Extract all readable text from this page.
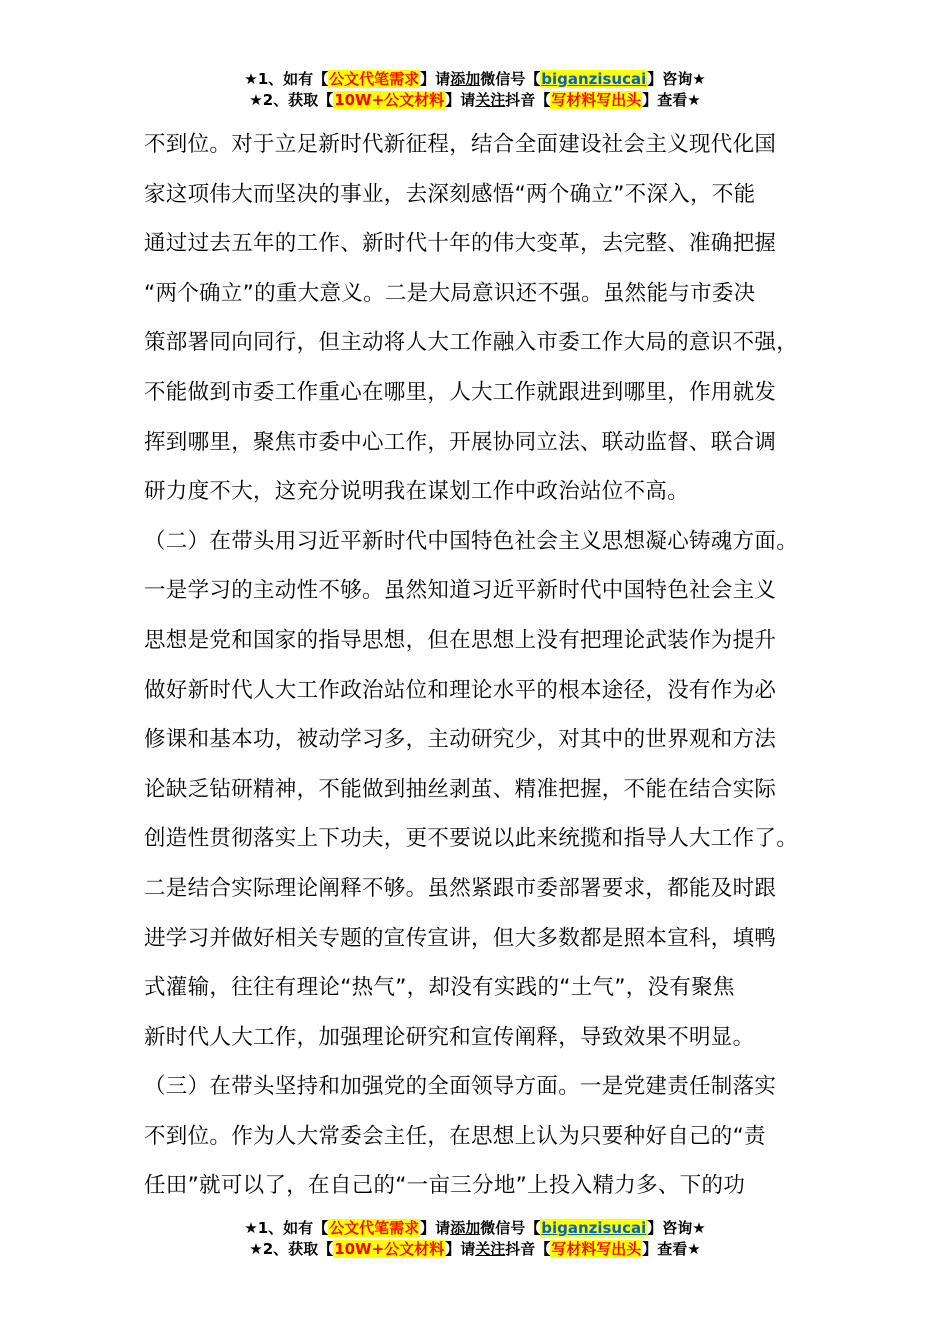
★1、如有【公文代笔需求】请添加微信号【biganzisucai】咨询★
★2、获取【10W+公文材料】请关注抖音【写材料写出头】查看★
不到位。对于立足新时代新征程，结合全面建设社会主义现代化国
家这项伟大而坚决的事业，去深刻感悟“两个确立”不深入，不能
通过过去五年的工作、新时代十年的伟大变革，去完整、准确把握
“两个确立”的重大意义。二是大局意识还不强。虽然能与市委决
策部署同向同行，但主动将人大工作融入市委工作大局的意识不强，
不能做到市委工作重心在哪里，人大工作就跟进到哪里，作用就发
挥到哪里，聚焦市委中心工作，开展协同立法、联动监督、联合调
研力度不大，这充分说明我在谋划工作中政治站位不高。
（二）在带头用习近平新时代中国特色社会主义思想凝心铸魂方面。
一是学习的主动性不够。虽然知道习近平新时代中国特色社会主义
思想是党和国家的指导思想，但在思想上没有把理论武装作为提升
做好新时代人大工作政治站位和理论水平的根本途径，没有作为必
修课和基本功，被动学习多，主动研究少，对其中的世界观和方法
论缺乏钻研精神，不能做到抽丝剥茧、精准把握，不能在结合实际
创造性贯彻落实上下功夫，更不要说以此来统揽和指导人大工作了。
二是结合实际理论阐释不够。虽然紧跟市委部署要求，都能及时跟
进学习并做好相关专题的宣传宣讲，但大多数都是照本宣科，填鸭
式灌输，往往有理论“热气”，却没有实践的“土气”，没有聚焦
新时代人大工作，加强理论研究和宣传阐释，导致效果不明显。
（三）在带头坚持和加强党的全面领导方面。一是党建责任制落实
不到位。作为人大常委会主任，在思想上认为只要种好自己的“责
任田”就可以了，在自己的“一亩三分地”上投入精力多、下的功
★1、如有【公文代笔需求】请添加微信号【biganzisucai】咨询★
★2、获取【10W+公文材料】请关注抖音【写材料写出头】查看★
